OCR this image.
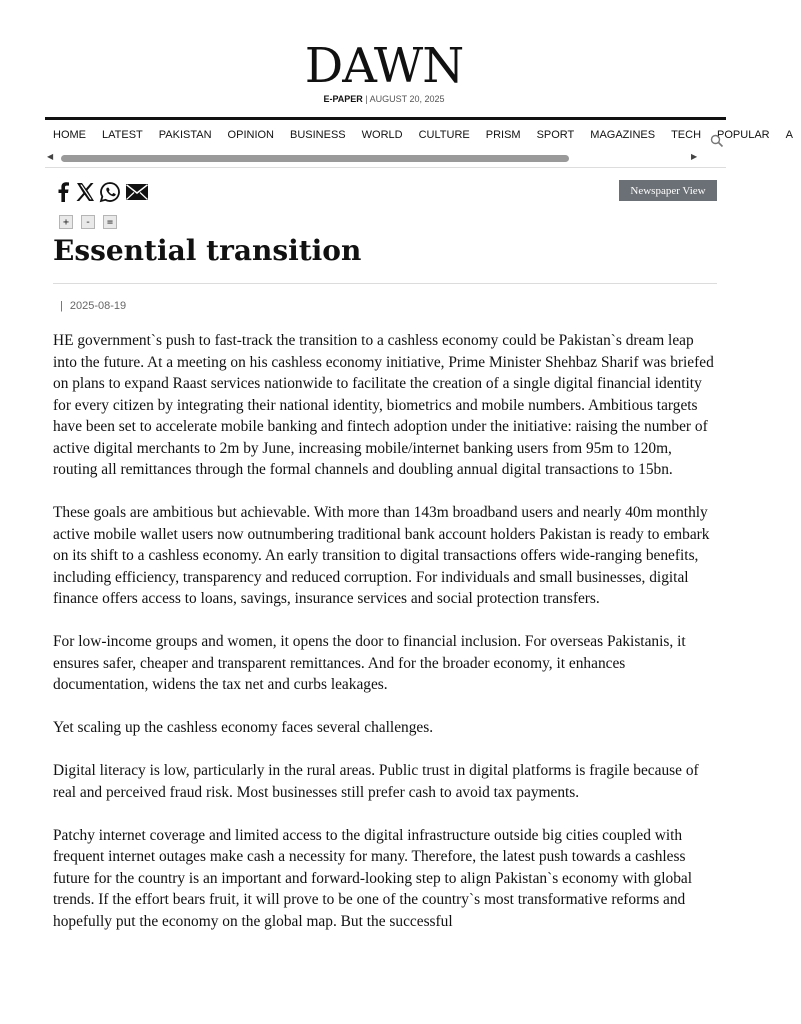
DAWN
E-PAPER | AUGUST 20, 2025
HOME	LATEST	PAKISTAN	OPINION	BUSINESS	WORLD	CULTURE	PRISM	SPORT	MAGAZINES	TECH	POPULAR	A
◀	▶
Newspaper View
+	-	=
Essential transition
| 2025-08-19

HE government`s push to fast-track the transition to a cashless economy could be Pakistan`s dream leap into the future. At a meeting on his cashless economy initiative, Prime Minister Shehbaz Sharif was briefed on plans to expand Raast services nationwide to facilitate the creation of a single digital financial identity for every citizen by integrating their national identity, biometrics and mobile numbers. Ambitious targets have been set to accelerate mobile banking and fintech adoption under the initiative: raising the number of active digital merchants to 2m by June, increasing mobile/internet banking users from 95m to 120m, routing all remittances through the formal channels and doubling annual digital transactions to 15bn.

These goals are ambitious but achievable. With more than 143m broadband users and nearly 40m monthly active mobile wallet users now outnumbering traditional bank account holders Pakistan is ready to embark on its shift to a cashless economy. An early transition to digital transactions offers wide-ranging benefits, including efficiency, transparency and reduced corruption. For individuals and small businesses, digital finance offers access to loans, savings, insurance services and social protection transfers.

For low-income groups and women, it opens the door to financial inclusion. For overseas Pakistanis, it ensures safer, cheaper and transparent remittances. And for the broader economy, it enhances documentation, widens the tax net and curbs leakages.

Yet scaling up the cashless economy faces several challenges.

Digital literacy is low, particularly in the rural areas. Public trust in digital platforms is fragile because of real and perceived fraud risk. Most businesses still prefer cash to avoid tax payments.

Patchy internet coverage and limited access to the digital infrastructure outside big cities coupled with frequent internet outages make cash a necessity for many. Therefore, the latest push towards a cashless future for the country is an important and forward-looking step to align Pakistan`s economy with global trends. If the effort bears fruit, it will prove to be one of the country`s most transformative reforms and hopefully put the economy on the global map. But the successful
